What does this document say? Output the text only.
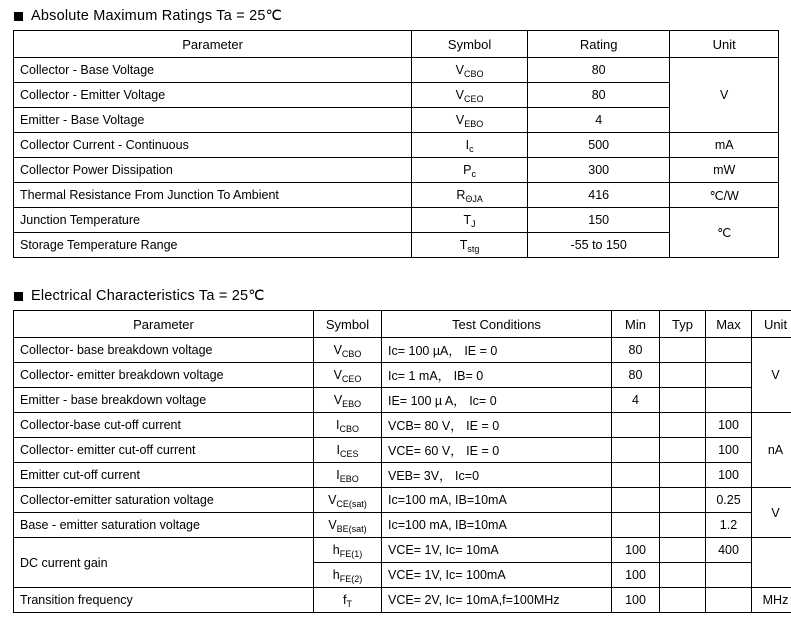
Absolute Maximum Ratings Ta = 25℃
Parameter	Symbol	Rating	Unit
Collector - Base Voltage	$V_{CBO}$	80	V
Collector - Emitter Voltage	$V_{CEO}$	80	
Emitter - Base Voltage	$V_{EBO}$	4	
Collector Current - Continuous	$I_c$	500	mA
Collector Power Dissipation	$P_c$	300	mW
Thermal Resistance From Junction To Ambient	$R_{\Theta JA}$	416	℃/W
Junction Temperature	$T_J$	150	℃
Storage Temperature Range	$T_{stg}$	-55 to 150	
Electrical Characteristics Ta = 25℃
Parameter	Symbol	Test Conditions	Min	Typ	Max	Unit
Collector- base breakdown voltage	$V_{CBO}$	Ic= 100 µA， IE = 0	80			V
Collector- emitter breakdown voltage	$V_{CEO}$	Ic= 1 mA， IB= 0	80			
Emitter - base breakdown voltage	$V_{EBO}$	IE= 100 µ A， Ic= 0	4			
Collector-base cut-off current	$I_{CBO}$	VCB= 80 V， IE = 0			100	nA
Collector- emitter cut-off current	$I_{CES}$	VCE= 60 V， IE = 0			100	
Emitter cut-off current	$I_{EBO}$	VEB= 3V， Ic=0			100	
Collector-emitter saturation voltage	$V_{CE(sat)}$	Ic=100 mA, IB=10mA			0.25	V
Base - emitter saturation voltage	$V_{BE(sat)}$	Ic=100 mA, IB=10mA			1.2	
DC current gain	$h_{FE(1)}$	VCE= 1V, Ic= 10mA	100		400	
	$h_{FE(2)}$	VCE= 1V, Ic= 100mA	100			
Transition frequency	$f_T$	VCE= 2V, Ic= 10mA,f=100MHz	100			MHz
